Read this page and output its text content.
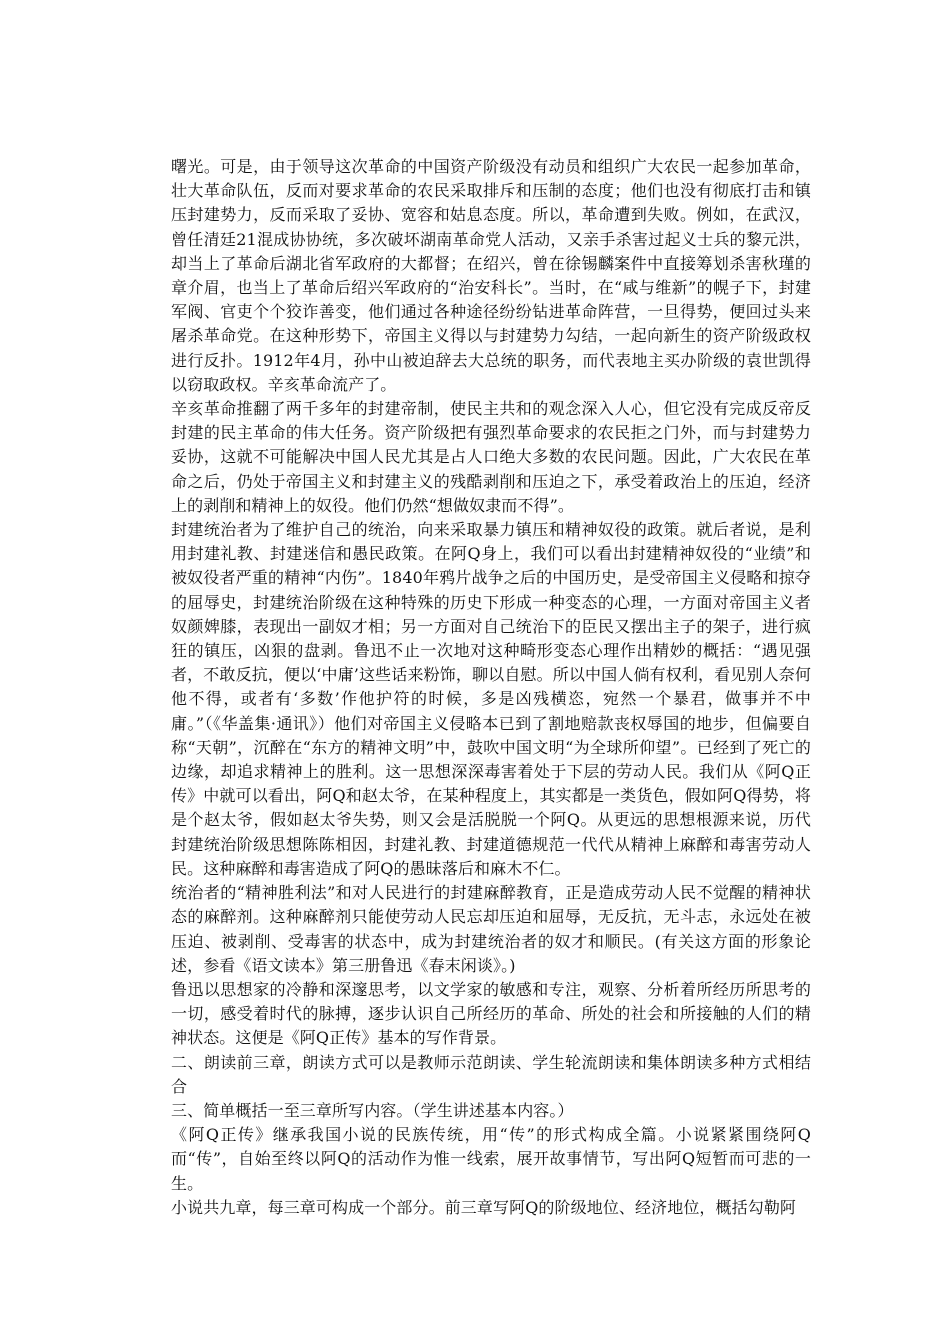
曙光。可是，由于领导这次革命的中国资产阶级没有动员和组织广大农民一起参加革命，壮大革命队伍，反而对要求革命的农民采取排斥和压制的态度；他们也没有彻底打击和镇压封建势力，反而采取了妥协、宽容和姑息态度。所以，革命遭到失败。例如，在武汉，曾任清廷21混成协协统，多次破坏湖南革命党人活动，又亲手杀害过起义士兵的黎元洪，却当上了革命后湖北省军政府的大都督；在绍兴，曾在徐锡麟案件中直接筹划杀害秋瑾的章介眉，也当上了革命后绍兴军政府的“治安科长”。当时，在“咸与维新”的幌子下，封建军阀、官吏个个狡诈善变，他们通过各种途径纷纷钻进革命阵营，一旦得势，便回过头来屠杀革命党。在这种形势下，帝国主义得以与封建势力勾结，一起向新生的资产阶级政权进行反扑。1912年4月，孙中山被迫辞去大总统的职务，而代表地主买办阶级的袁世凯得以窃取政权。辛亥革命流产了。

辛亥革命推翻了两千多年的封建帝制，使民主共和的观念深入人心，但它没有完成反帝反封建的民主革命的伟大任务。资产阶级把有强烈革命要求的农民拒之门外，而与封建势力妥协，这就不可能解决中国人民尤其是占人口绝大多数的农民问题。因此，广大农民在革命之后，仍处于帝国主义和封建主义的残酷剥削和压迫之下，承受着政治上的压迫，经济上的剥削和精神上的奴役。他们仍然“想做奴隶而不得”。

封建统治者为了维护自己的统治，向来采取暴力镇压和精神奴役的政策。就后者说，是利用封建礼教、封建迷信和愚民政策。在阿Q身上，我们可以看出封建精神奴役的“业绩”和被奴役者严重的精神“内伤”。1840年鸦片战争之后的中国历史，是受帝国主义侵略和掠夺的屈辱史，封建统治阶级在这种特殊的历史下形成一种变态的心理，一方面对帝国主义者奴颜婢膝，表现出一副奴才相；另一方面对自己统治下的臣民又摆出主子的架子，进行疯狂的镇压，凶狠的盘剥。鲁迅不止一次地对这种畸形变态心理作出精妙的概括：“遇见强者，不敢反抗，便以‘中庸’这些话来粉饰，聊以自慰。所以中国人倘有权利，看见别人奈何他不得，或者有‘多数’作他护符的时候，多是凶残横恣，宛然一个暴君，做事并不中庸。”（《华盖集·通讯》）他们对帝国主义侵略本已到了割地赔款丧权辱国的地步，但偏要自称“天朝”，沉醉在“东方的精神文明”中，鼓吹中国文明“为全球所仰望”。已经到了死亡的边缘，却追求精神上的胜利。这一思想深深毒害着处于下层的劳动人民。我们从《阿Q正传》中就可以看出，阿Q和赵太爷，在某种程度上，其实都是一类货色，假如阿Q得势，将是个赵太爷，假如赵太爷失势，则又会是活脱脱一个阿Q。从更远的思想根源来说，历代封建统治阶级思想陈陈相因，封建礼教、封建道德规范一代代从精神上麻醉和毒害劳动人民。这种麻醉和毒害造成了阿Q的愚昧落后和麻木不仁。

统治者的“精神胜利法”和对人民进行的封建麻醉教育，正是造成劳动人民不觉醒的精神状态的麻醉剂。这种麻醉剂只能使劳动人民忘却压迫和屈辱，无反抗，无斗志，永远处在被压迫、被剥削、受毒害的状态中，成为封建统治者的奴才和顺民。(有关这方面的形象论述，参看《语文读本》第三册鲁迅《春末闲谈》。)

鲁迅以思想家的冷静和深邃思考，以文学家的敏感和专注，观察、分析着所经历所思考的一切，感受着时代的脉搏，逐步认识自己所经历的革命、所处的社会和所接触的人们的精神状态。这便是《阿Q正传》基本的写作背景。

二、朗读前三章，朗读方式可以是教师示范朗读、学生轮流朗读和集体朗读多种方式相结合

三、简单概括一至三章所写内容。（学生讲述基本内容。）

《阿Q正传》继承我国小说的民族传统，用“传”的形式构成全篇。小说紧紧围绕阿Q而“传”，自始至终以阿Q的活动作为惟一线索，展开故事情节，写出阿Q短暂而可悲的一生。

小说共九章，每三章可构成一个部分。前三章写阿Q的阶级地位、经济地位，概括勾勒阿
